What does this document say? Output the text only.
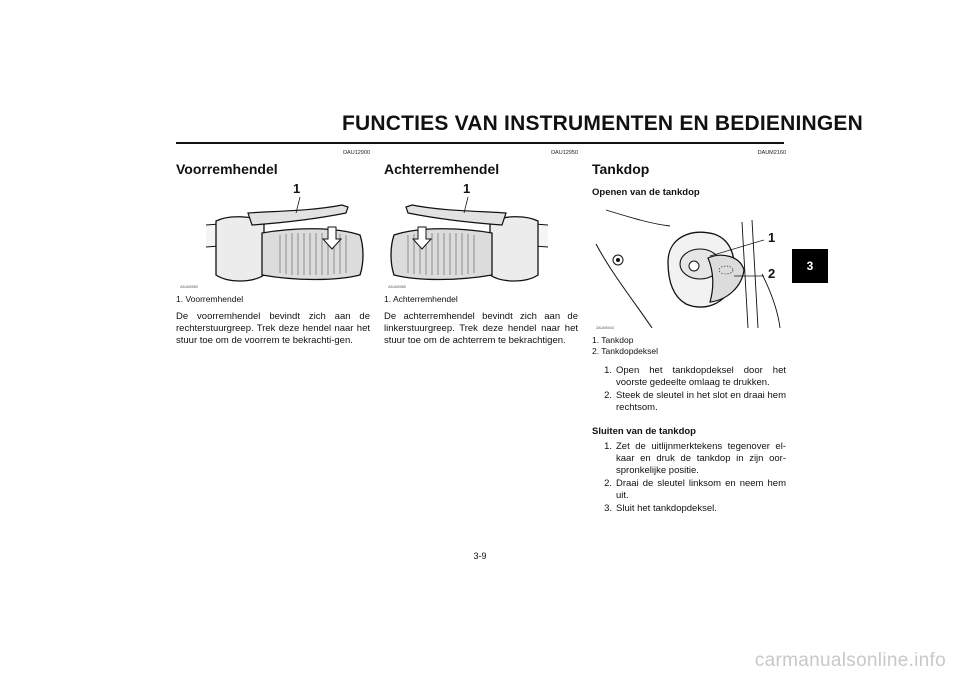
FUNCTIES VAN INSTRUMENTEN EN BEDIENINGEN
3
DAU12900
Voorremhendel
1
ZAUM0089
1. Voorremhendel
De voorremhendel bevindt zich aan de rechterstuurgreep. Trek deze hendel naar het stuur toe om de voorrem te bekrachti-gen.
DAU12950
Achterremhendel
1
ZAUM0085
1. Achterremhendel
De achterremhendel bevindt zich aan de linkerstuurgreep. Trek deze hendel naar het stuur toe om de achterrem te bekrachtigen.
DAUM2160
Tankdop
Openen van de tankdop
1
2
ZAUM0043
1. Tankdop
2. Tankdopdeksel
1. Open het tankdopdeksel door het voorste gedeelte omlaag te drukken.
2. Steek de sleutel in het slot en draai hem rechtsom.
Sluiten van de tankdop
1. Zet de uitlijnmerktekens tegenover el-kaar en druk de tankdop in zijn oor-spronkelijke positie.
2. Draai de sleutel linksom en neem hem uit.
3. Sluit het tankdopdeksel.
3-9
carmanualsonline.info
